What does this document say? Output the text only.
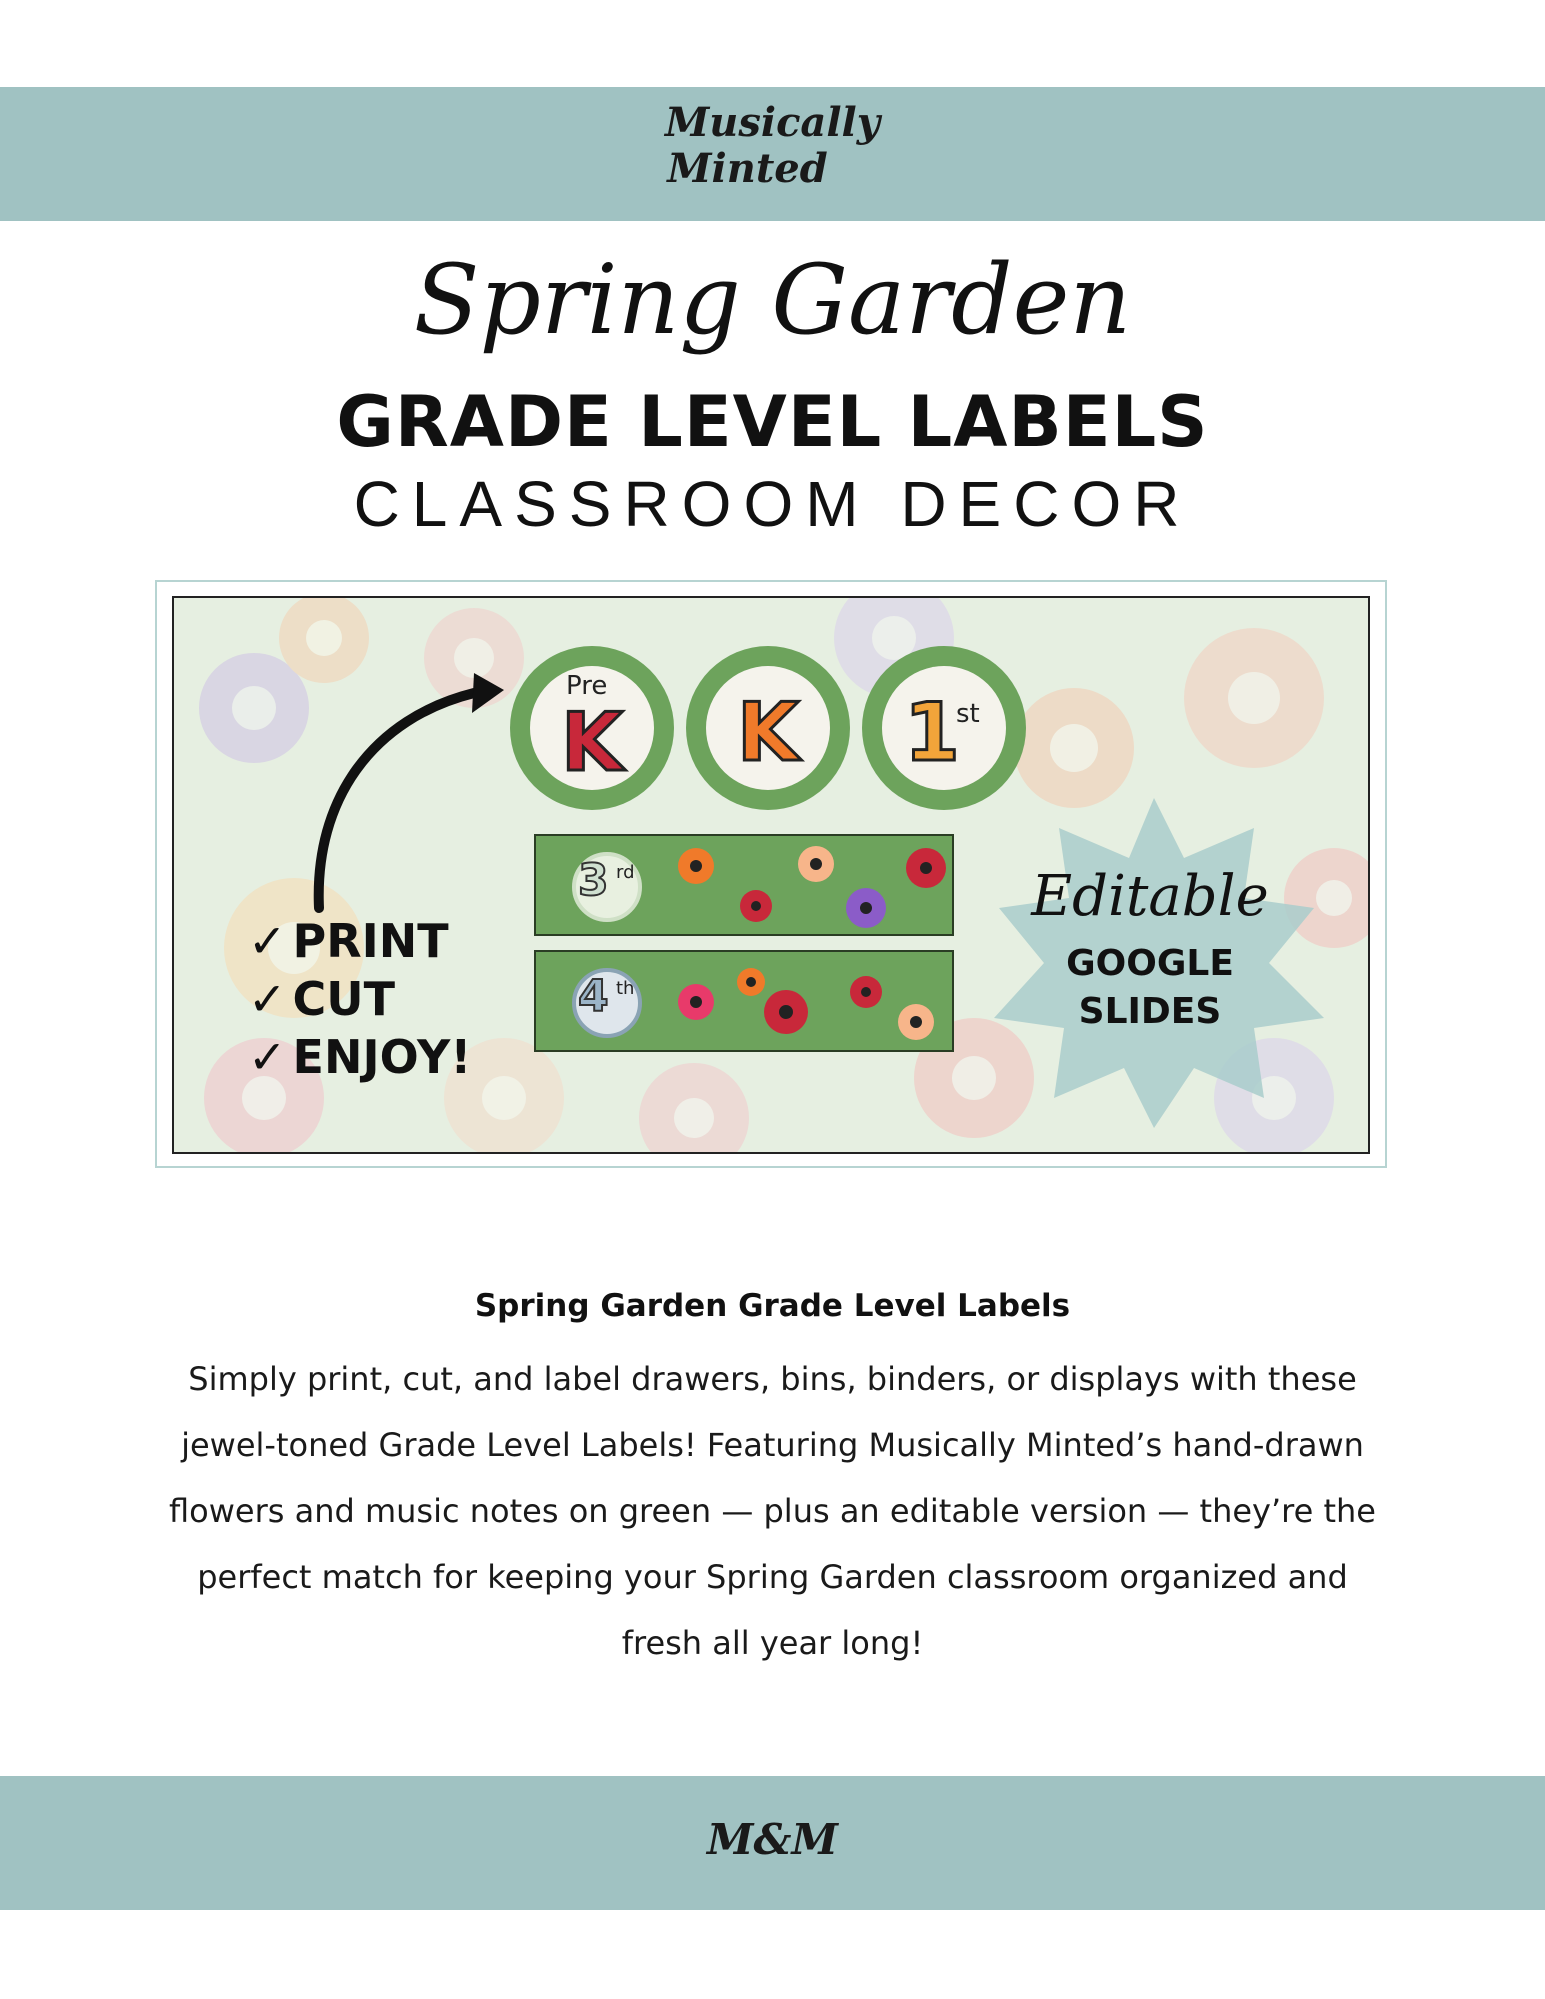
Musically
Minted
Spring Garden
GRADE LEVEL LABELS
CLASSROOM DECOR
Pre
K	K	1
st
3 rd
4 th
✓ PRINT
✓ CUT
✓ ENJOY!
Editable
GOOGLE
SLIDES
Spring Garden Grade Level Labels
Simply print, cut, and label drawers, bins, binders, or displays with these jewel-toned Grade Level Labels! Featuring Musically Minted’s hand-drawn flowers and music notes on green — plus an editable version — they’re the perfect match for keeping your Spring Garden classroom organized and fresh all year long!
M&M
